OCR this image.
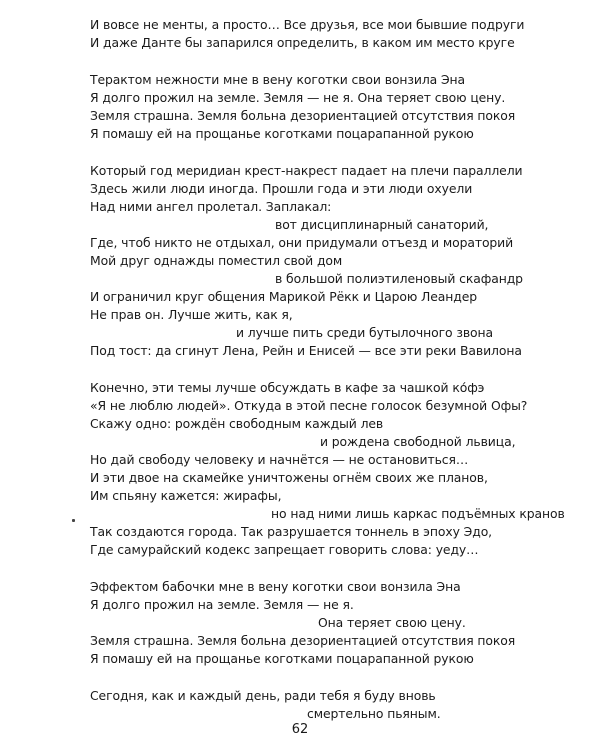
И вовсе не менты, а просто… Все друзья, все мои бывшие подруги
И даже Данте бы запарился определить, в каком им место круге
Терактом нежности мне в вену коготки свои вонзила Эна
Я долго прожил на земле. Земля — не я. Она теряет свою цену.
Земля страшна. Земля больна дезориентацией отсутствия покоя
Я помашу ей на прощанье коготками поцарапанной рукою
Который год меридиан крест-накрест падает на плечи параллели
Здесь жили люди иногда. Прошли года и эти люди охуели
Над ними ангел пролетал. Заплакал:
вот дисциплинарный санаторий,
Где, чтоб никто не отдыхал, они придумали отъезд и мораторий
Мой друг однажды поместил свой дом
в большой полиэтиленовый скафандр
И ограничил круг общения Марикой Рёкк и Царою Леандер
Не прав он. Лучше жить, как я,
и лучше пить среди бутылочного звона
Под тост: да сгинут Лена, Рейн и Енисей — все эти реки Вавилона
Конечно, эти темы лучше обсуждать в кафе за чашкой ко́фэ
«Я не люблю людей». Откуда в этой песне голосок безумной Офы?
Скажу одно: рождён свободным каждый лев
и рождена свободной львица,
Но дай свободу человеку и начнётся — не остановиться…
И эти двое на скамейке уничтожены огнём своих же планов,
Им спьяну кажется: жирафы,
но над ними лишь каркас подъёмных кранов
Так создаются города. Так разрушается тоннель в эпоху Эдо,
Где самурайский кодекс запрещает говорить слова: уеду…
Эффектом бабочки мне в вену коготки свои вонзила Эна
Я долго прожил на земле. Земля — не я.
Она теряет свою цену.
Земля страшна. Земля больна дезориентацией отсутствия покоя
Я помашу ей на прощанье коготками поцарапанной рукою
Сегодня, как и каждый день, ради тебя я буду вновь
смертельно пьяным.
62
